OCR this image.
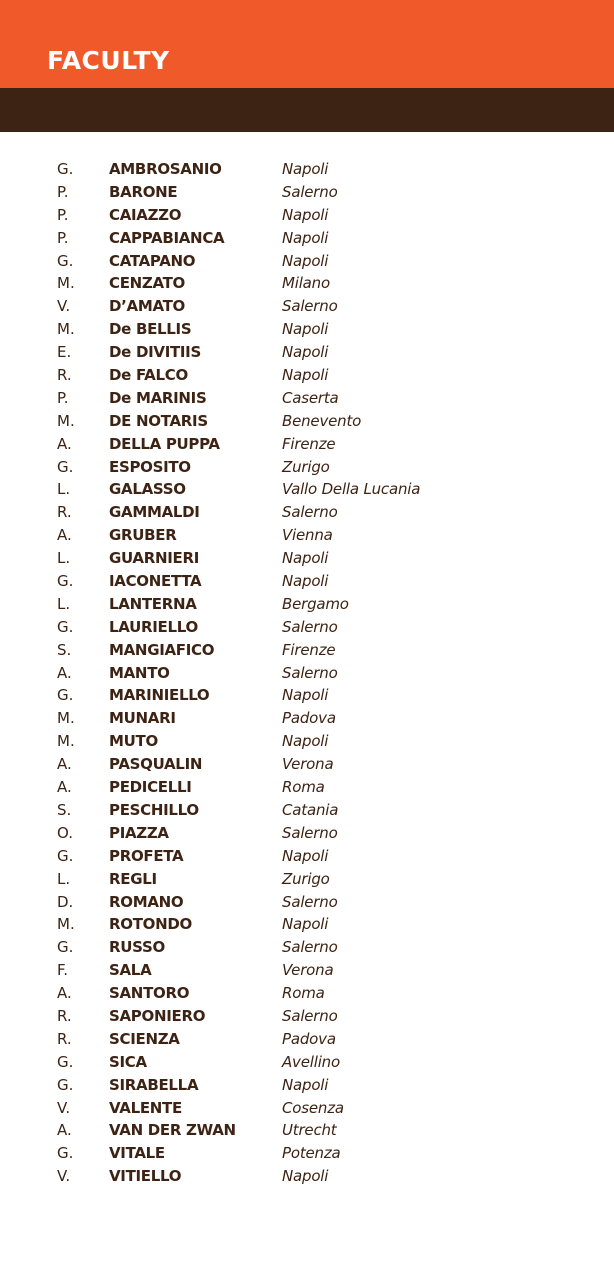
FACULTY
G. AMBROSANIO	Napoli
P.	BARONE	Salerno
P.	CAIAZZO	Napoli
P.	CAPPABIANCA	Napoli
G. CATAPANO	Napoli
M. CENZATO	Milano
V.	D’AMATO	Salerno
M. De BELLIS	Napoli
E.	De DIVITIIS	Napoli
R. De FALCO	Napoli
P.	De MARINIS	Caserta
M. DE NOTARIS	Benevento
A. DELLA PUPPA	Firenze
G. ESPOSITO	Zurigo
L.	GALASSO	Vallo Della Lucania
R. GAMMALDI	Salerno
A. GRUBER	Vienna
L.	GUARNIERI	Napoli
G. IACONETTA	Napoli
L.	LANTERNA	Bergamo
G. LAURIELLO	Salerno
S.	MANGIAFICO	Firenze
A. MANTO	Salerno
G. MARINIELLO	Napoli
M. MUNARI	Padova
M. MUTO	Napoli
A. PASQUALIN	Verona
A. PEDICELLI	Roma
S.	PESCHILLO	Catania
O. PIAZZA	Salerno
G. PROFETA	Napoli
L.	REGLI	Zurigo
D. ROMANO	Salerno
M. ROTONDO	Napoli
G. RUSSO	Salerno
F.	SALA	Verona
A. SANTORO	Roma
R. SAPONIERO	Salerno
R. SCIENZA	Padova
G. SICA	Avellino
G. SIRABELLA	Napoli
V.	VALENTE	Cosenza
A. VAN DER ZWAN	Utrecht
G. VITALE	Potenza
V.	VITIELLO	Napoli
